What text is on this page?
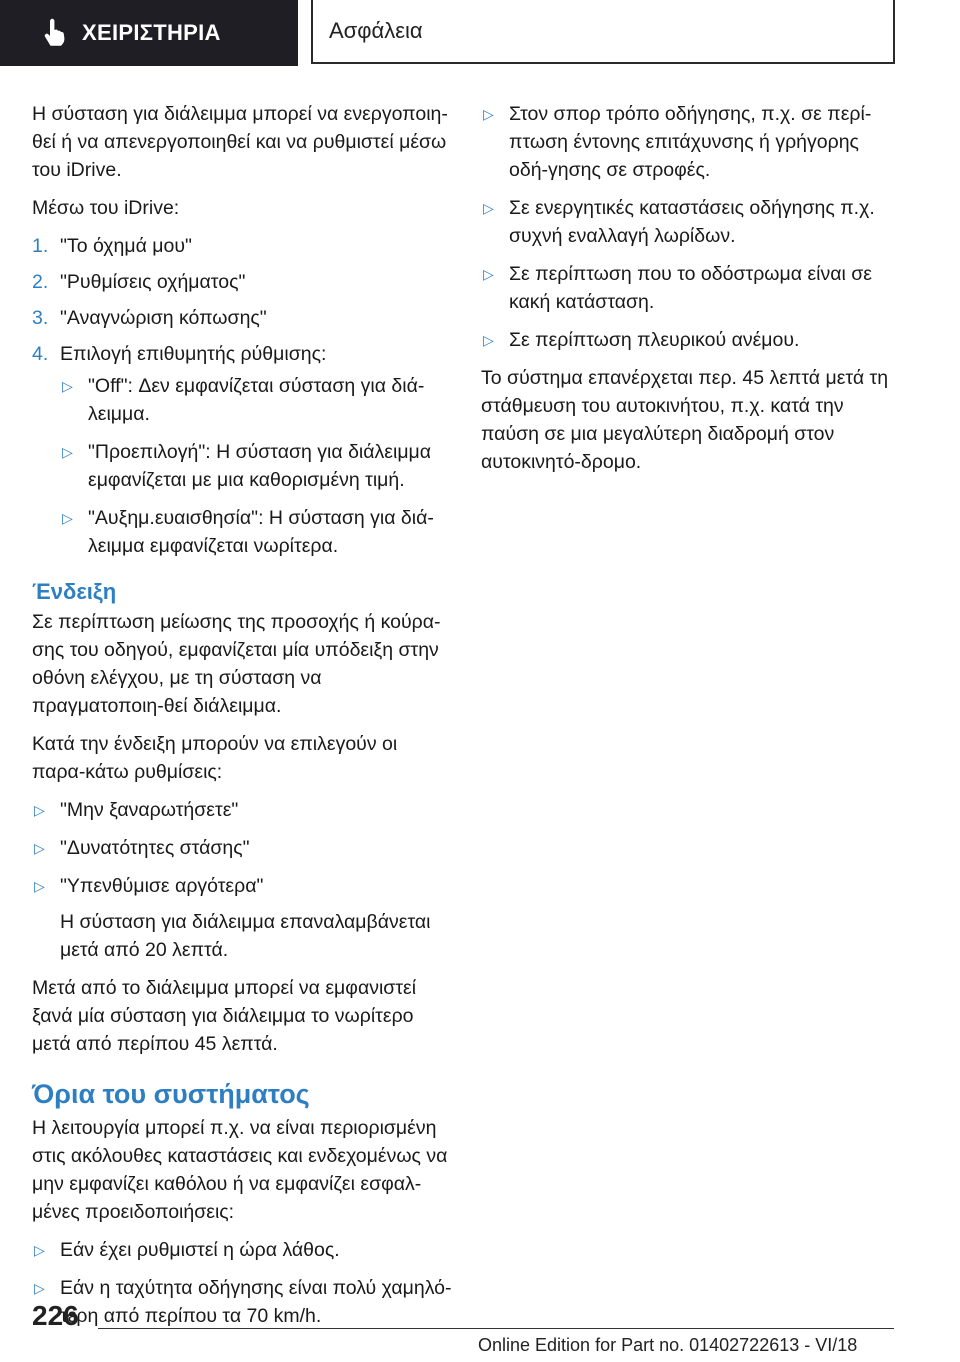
ΧΕΙΡΙΣΤΗΡΙΑ	Ασφάλεια

Η σύσταση για διάλειμμα μπορεί να ενεργοποιη-θεί ή να απενεργοποιηθεί και να ρυθμιστεί μέσω του iDrive.

Μέσω του iDrive:

1. "Το όχημά μου"
2. "Ρυθμίσεις οχήματος"
3. "Αναγνώριση κόπωσης"
4. Επιλογή επιθυμητής ρύθμισης:
▷ "Off": Δεν εμφανίζεται σύσταση για διά-λειμμα.
▷ "Προεπιλογή": Η σύσταση για διάλειμμα εμφανίζεται με μια καθορισμένη τιμή.
▷ "Αυξημ.ευαισθησία": Η σύσταση για διά-λειμμα εμφανίζεται νωρίτερα.
Ένδειξη

Σε περίπτωση μείωσης της προσοχής ή κούρα-σης του οδηγού, εμφανίζεται μία υπόδειξη στην οθόνη ελέγχου, με τη σύσταση να πραγματοποιη-θεί διάλειμμα.

Κατά την ένδειξη μπορούν να επιλεγούν οι παρα-κάτω ρυθμίσεις:

▷ "Μην ξαναρωτήσετε"
▷ "Δυνατότητες στάσης"
▷ "Υπενθύμισε αργότερα"

Η σύσταση για διάλειμμα επαναλαμβάνεται μετά από 20 λεπτά.

Μετά από το διάλειμμα μπορεί να εμφανιστεί ξανά μία σύσταση για διάλειμμα το νωρίτερο μετά από περίπου 45 λεπτά.

Όρια του συστήματος

Η λειτουργία μπορεί π.χ. να είναι περιορισμένη στις ακόλουθες καταστάσεις και ενδεχομένως να μην εμφανίζει καθόλου ή να εμφανίζει εσφαλ-μένες προειδοποιήσεις:

▷ Εάν έχει ρυθμιστεί η ώρα λάθος.
▷ Εάν η ταχύτητα οδήγησης είναι πολύ χαμηλό-τερη από περίπου τα 70 km/h.
▷ Στον σπορ τρόπο οδήγησης, π.χ. σε περί-πτωση έντονης επιτάχυνσης ή γρήγορης οδή-γησης σε στροφές.
▷ Σε ενεργητικές καταστάσεις οδήγησης π.χ. συχνή εναλλαγή λωρίδων.
▷ Σε περίπτωση που το οδόστρωμα είναι σε κακή κατάσταση.
▷ Σε περίπτωση πλευρικού ανέμου.

Το σύστημα επανέρχεται περ. 45 λεπτά μετά τη στάθμευση του αυτοκινήτου, π.χ. κατά την παύση σε μια μεγαλύτερη διαδρομή στον αυτοκινητό-δρομο.

226
Online Edition for Part no. 01402722613 - VI/18
